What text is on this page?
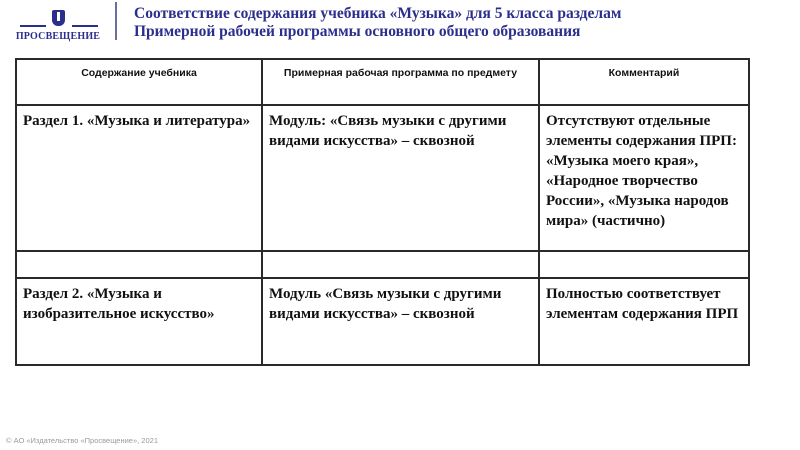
ПРОСВЕЩЕНИЕ
Соответствие содержания учебника «Музыка» для 5 класса разделам
Примерной рабочей программы основного общего образования
Содержание учебника	Примерная рабочая программа по предмету	Комментарий
Раздел 1. «Музыка и литература»	Модуль: «Связь музыки с другими видами искусства» – сквозной	Отсутствуют отдельные элементы содержания ПРП: «Музыка моего края», «Народное творчество России», «Музыка народов мира» (частично)

Раздел 2. «Музыка и изобразительное искусство»	Модуль «Связь музыки с другими видами искусства» – сквозной	Полностью соответствует элементам содержания ПРП
© АО «Издательство «Просвещение», 2021
